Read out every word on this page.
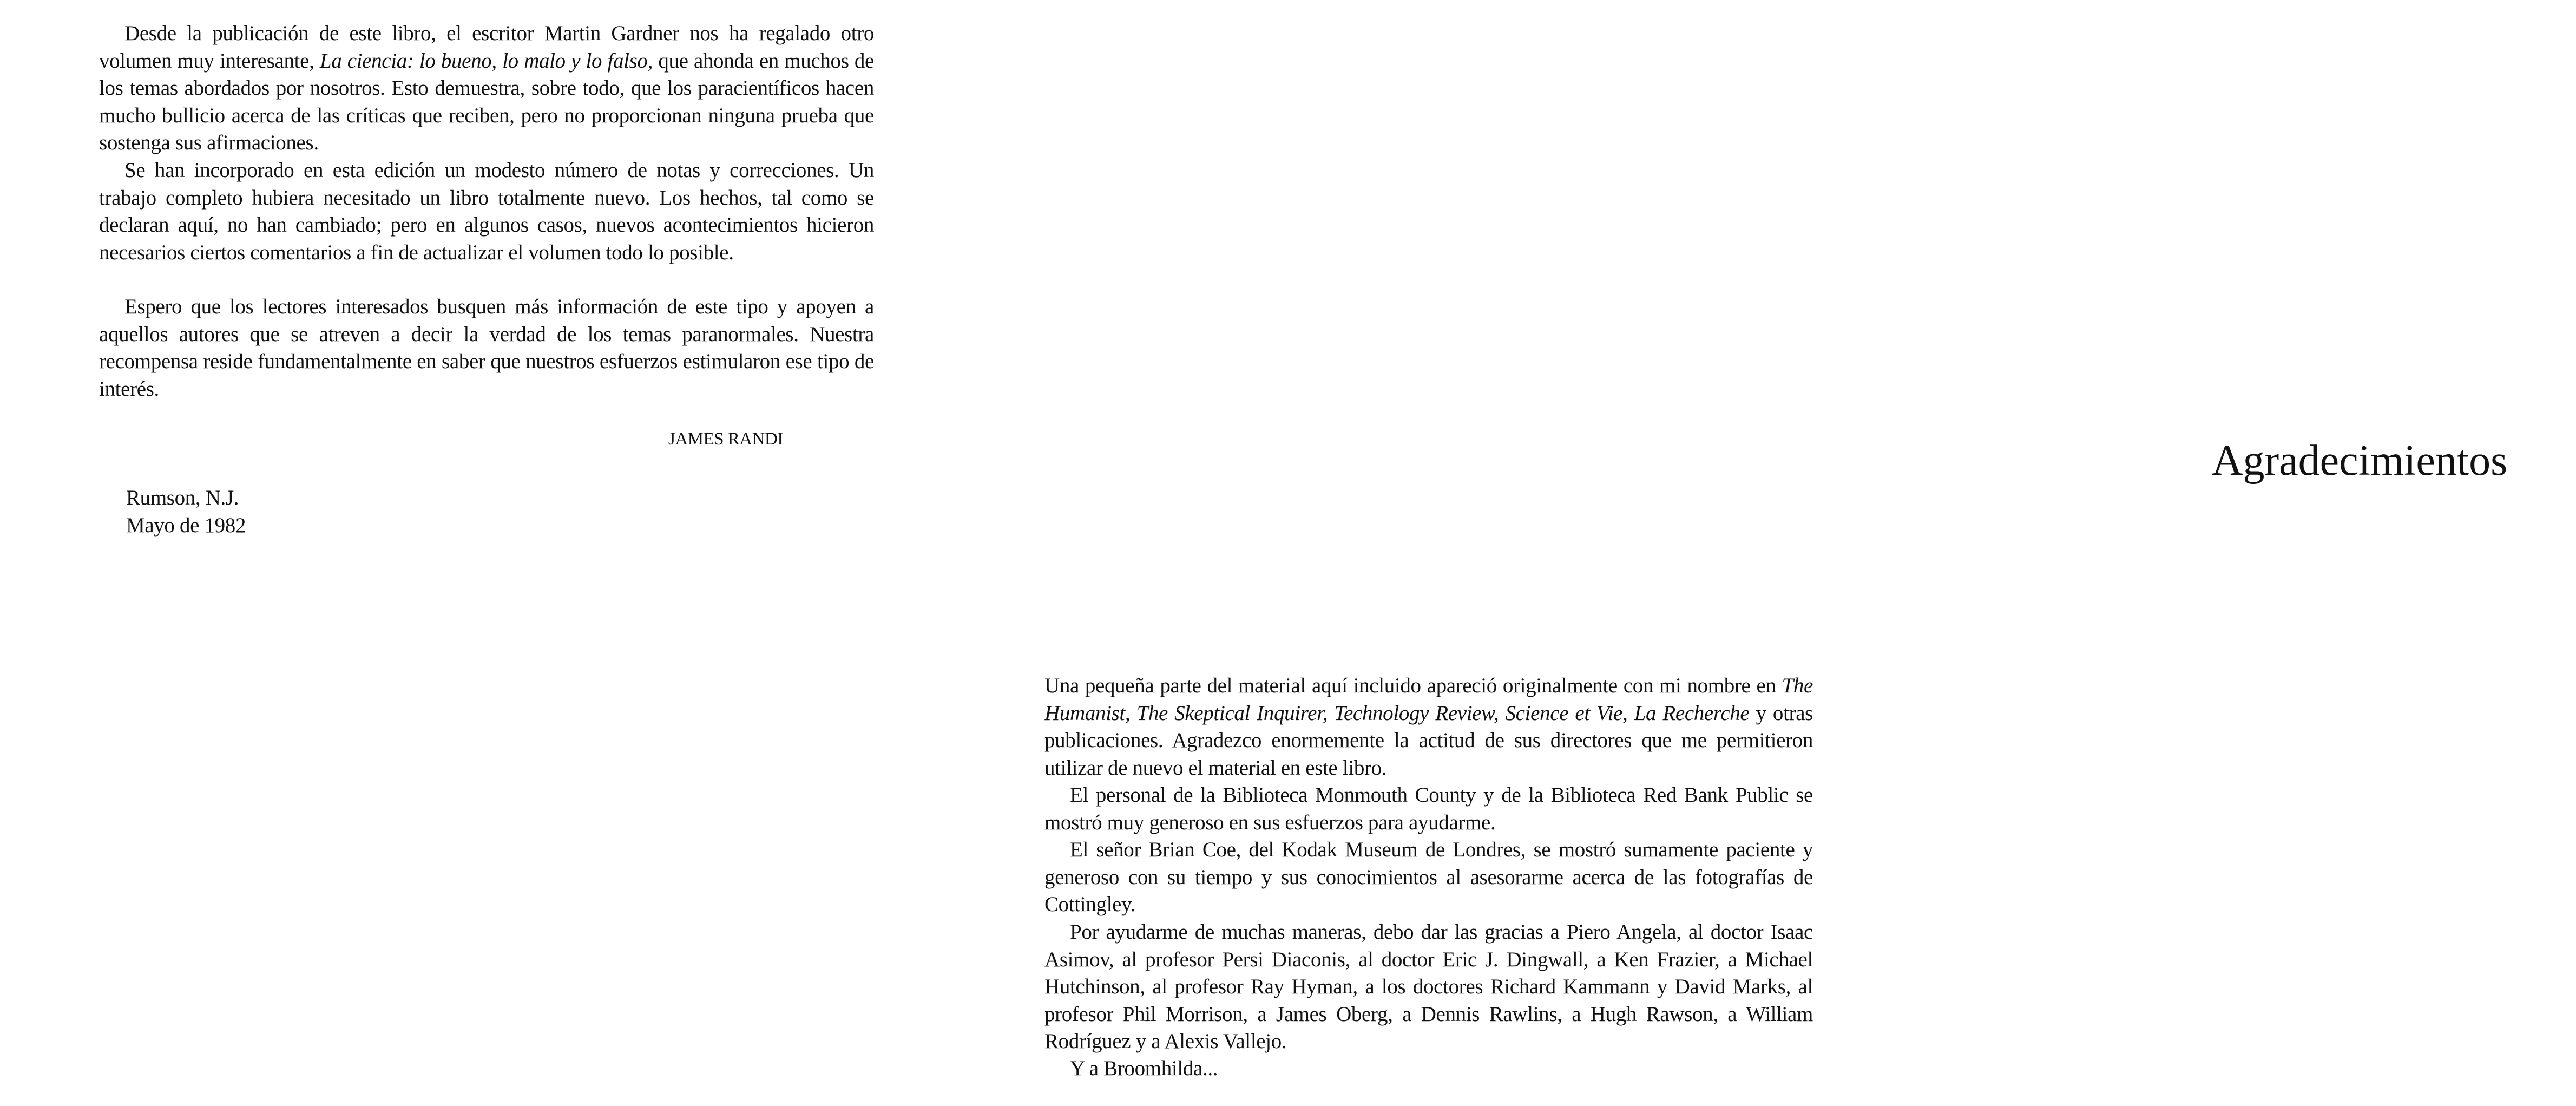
Desde la publicación de este libro, el escritor Martin Gardner nos ha regalado otro volumen muy interesante, La ciencia: lo bueno, lo malo y lo falso, que ahonda en muchos de los temas abordados por nosotros. Esto demuestra, sobre todo, que los paracientíficos hacen mucho bullicio acerca de las críticas que reciben, pero no proporcionan ninguna prueba que sostenga sus afirmaciones.

Se han incorporado en esta edición un modesto número de notas y correcciones. Un trabajo completo hubiera necesitado un libro totalmente nuevo. Los hechos, tal como se declaran aquí, no han cambiado; pero en algunos casos, nuevos acontecimientos hicieron necesarios ciertos comentarios a fin de actualizar el volumen todo lo posible.

Espero que los lectores interesados busquen más información de este tipo y apoyen a aquellos autores que se atreven a decir la verdad de los temas paranormales. Nuestra recompensa reside fundamentalmente en saber que nuestros esfuerzos estimularon ese tipo de interés.

JAMES RANDI
Rumson, N.J.
Mayo de 1982
Agradecimientos

Una pequeña parte del material aquí incluido apareció originalmente con mi nombre en The Humanist, The Skeptical Inquirer, Technology Review, Science et Vie, La Recherche y otras publicaciones. Agradezco enormemente la actitud de sus directores que me permitieron utilizar de nuevo el material en este libro.

El personal de la Biblioteca Monmouth County y de la Biblioteca Red Bank Public se mostró muy generoso en sus esfuerzos para ayudarme.

El señor Brian Coe, del Kodak Museum de Londres, se mostró sumamente paciente y generoso con su tiempo y sus conocimientos al asesorarme acerca de las fotografías de Cottingley.

Por ayudarme de muchas maneras, debo dar las gracias a Piero Angela, al doctor Isaac Asimov, al profesor Persi Diaconis, al doctor Eric J. Dingwall, a Ken Frazier, a Michael Hutchinson, al profesor Ray Hyman, a los doctores Richard Kammann y David Marks, al profesor Phil Morrison, a James Oberg, a Dennis Rawlins, a Hugh Rawson, a William Rodríguez y a Alexis Vallejo.

Y a Broomhilda...
